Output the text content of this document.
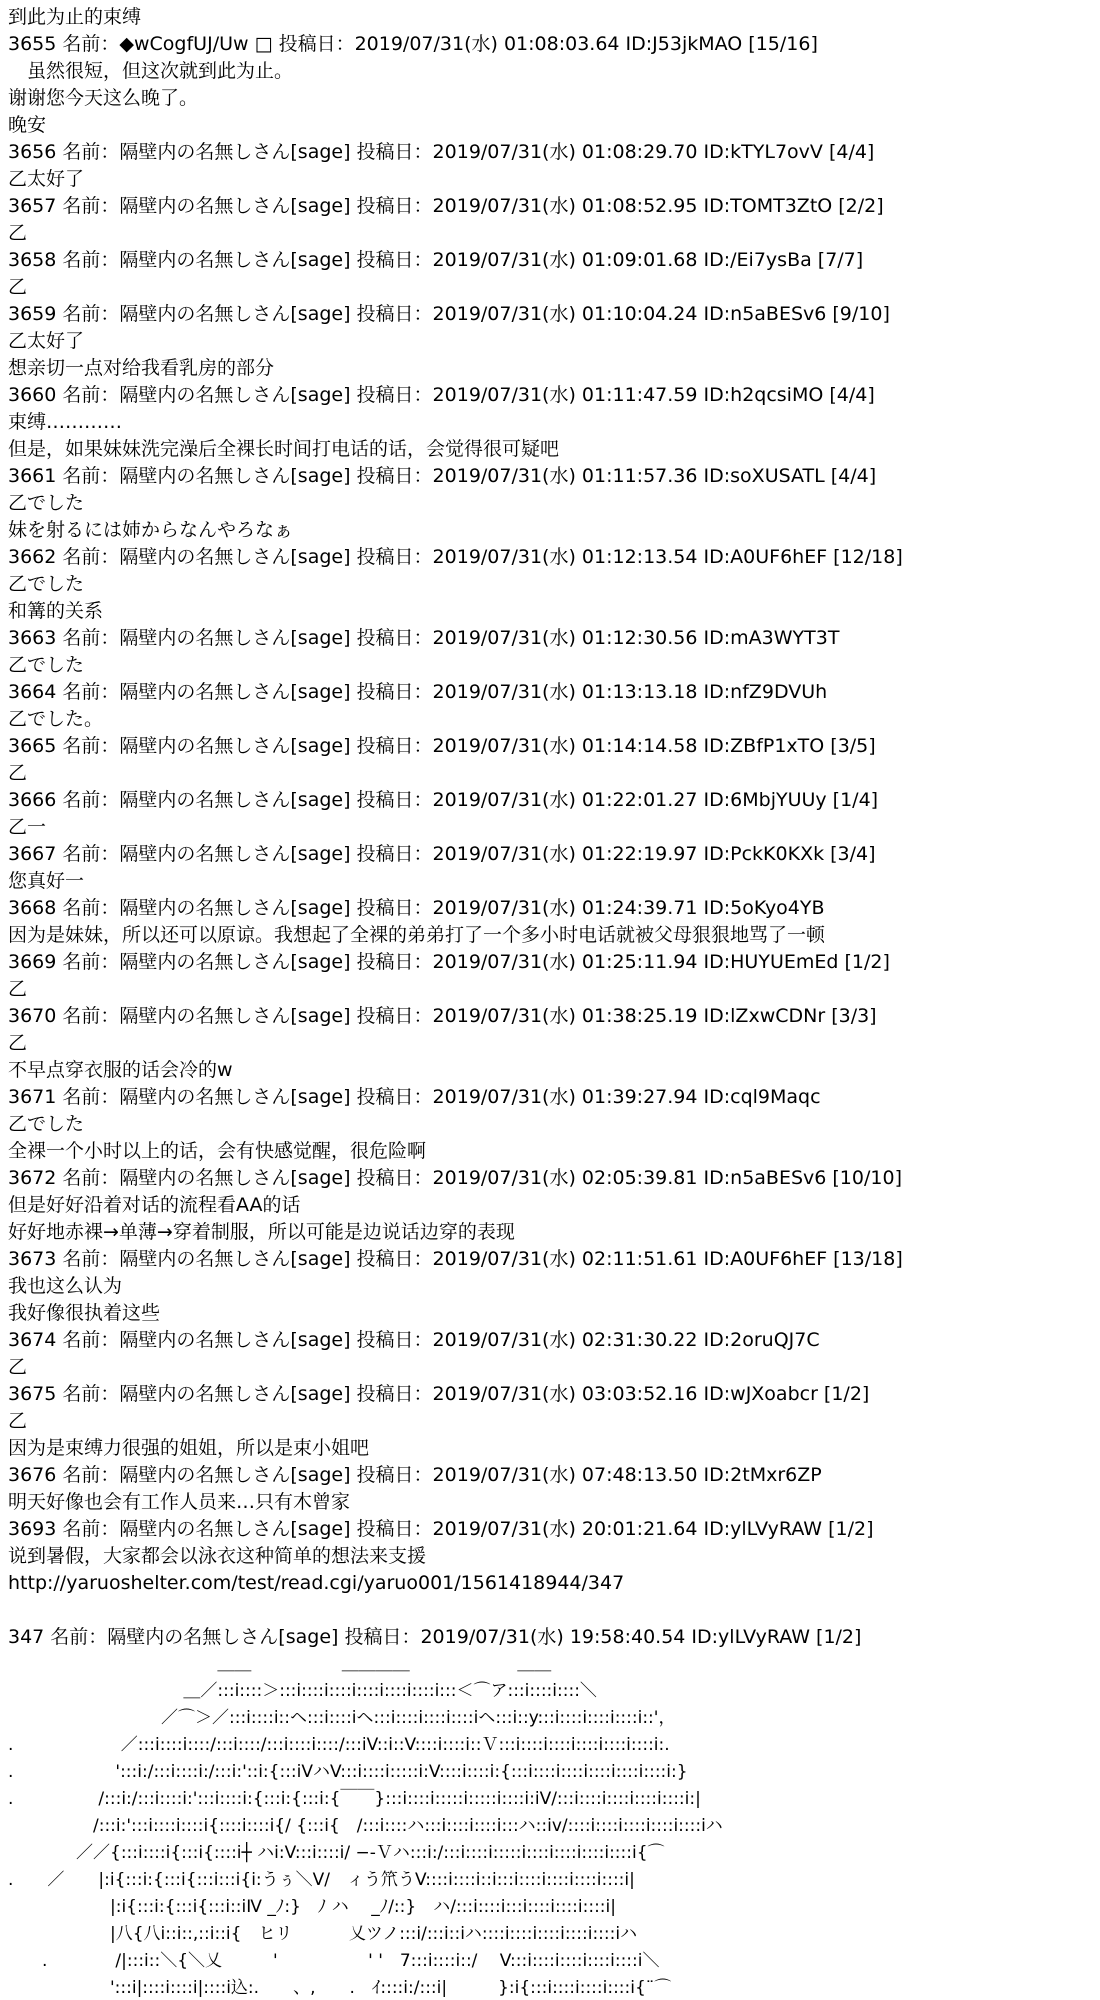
到此为止的束缚
3655 名前：◆wCogfUJ/Uw □ 投稿日：2019/07/31(水) 01:08:03.64 ID:J53jkMAO [15/16]
　虽然很短，但这次就到此为止。
谢谢您今天这么晚了。
晚安
3656 名前：隔壁内の名無しさん[sage] 投稿日：2019/07/31(水) 01:08:29.70 ID:kTYL7ovV [4/4]
乙太好了
3657 名前：隔壁内の名無しさん[sage] 投稿日：2019/07/31(水) 01:08:52.95 ID:TOMT3ZtO [2/2]
乙
3658 名前：隔壁内の名無しさん[sage] 投稿日：2019/07/31(水) 01:09:01.68 ID:/Ei7ysBa [7/7]
乙
3659 名前：隔壁内の名無しさん[sage] 投稿日：2019/07/31(水) 01:10:04.24 ID:n5aBESv6 [9/10]
乙太好了
想亲切一点对给我看乳房的部分
3660 名前：隔壁内の名無しさん[sage] 投稿日：2019/07/31(水) 01:11:47.59 ID:h2qcsiMO [4/4]
束缚…………
但是，如果妹妹洗完澡后全裸长时间打电话的话，会觉得很可疑吧
3661 名前：隔壁内の名無しさん[sage] 投稿日：2019/07/31(水) 01:11:57.36 ID:soXUSATL [4/4]
乙でした
妹を射るには姉からなんやろなぁ
3662 名前：隔壁内の名無しさん[sage] 投稿日：2019/07/31(水) 01:12:13.54 ID:A0UF6hEF [12/18]
乙でした
和篝的关系
3663 名前：隔壁内の名無しさん[sage] 投稿日：2019/07/31(水) 01:12:30.56 ID:mA3WYT3T
乙でした
3664 名前：隔壁内の名無しさん[sage] 投稿日：2019/07/31(水) 01:13:13.18 ID:nfZ9DVUh
乙でした。
3665 名前：隔壁内の名無しさん[sage] 投稿日：2019/07/31(水) 01:14:14.58 ID:ZBfP1xTO [3/5]
乙
3666 名前：隔壁内の名無しさん[sage] 投稿日：2019/07/31(水) 01:22:01.27 ID:6MbjYUUy [1/4]
乙一
3667 名前：隔壁内の名無しさん[sage] 投稿日：2019/07/31(水) 01:22:19.97 ID:PckK0KXk [3/4]
您真好一
3668 名前：隔壁内の名無しさん[sage] 投稿日：2019/07/31(水) 01:24:39.71 ID:5oKyo4YB
因为是妹妹，所以还可以原谅。我想起了全裸的弟弟打了一个多小时电话就被父母狠狠地骂了一顿
3669 名前：隔壁内の名無しさん[sage] 投稿日：2019/07/31(水) 01:25:11.94 ID:HUYUEmEd [1/2]
乙
3670 名前：隔壁内の名無しさん[sage] 投稿日：2019/07/31(水) 01:38:25.19 ID:lZxwCDNr [3/3]
乙
不早点穿衣服的话会冷的w
3671 名前：隔壁内の名無しさん[sage] 投稿日：2019/07/31(水) 01:39:27.94 ID:cql9Maqc
乙でした
全裸一个小时以上的话，会有快感觉醒，很危险啊
3672 名前：隔壁内の名無しさん[sage] 投稿日：2019/07/31(水) 02:05:39.81 ID:n5aBESv6 [10/10]
但是好好沿着对话的流程看AA的话
好好地赤裸→单薄→穿着制服，所以可能是边说话边穿的表现
3673 名前：隔壁内の名無しさん[sage] 投稿日：2019/07/31(水) 02:11:51.61 ID:A0UF6hEF [13/18]
我也这么认为
我好像很执着这些
3674 名前：隔壁内の名無しさん[sage] 投稿日：2019/07/31(水) 02:31:30.22 ID:2oruQJ7C
乙
3675 名前：隔壁内の名無しさん[sage] 投稿日：2019/07/31(水) 03:03:52.16 ID:wJXoabcr [1/2]
乙
因为是束缚力很强的姐姐，所以是束小姐吧
3676 名前：隔壁内の名無しさん[sage] 投稿日：2019/07/31(水) 07:48:13.50 ID:2tMxr6ZP
明天好像也会有工作人员来…只有木曾家
3693 名前：隔壁内の名無しさん[sage] 投稿日：2019/07/31(水) 20:01:21.64 ID:ylLVyRAW [1/2]
说到暑假，大家都会以泳衣这种简单的想法来支援
http://yaruoshelter.com/test/read.cgi/yaruo001/1561418944/347
347 名前：隔壁内の名無しさん[sage] 投稿日：2019/07/31(水) 19:58:40.54 ID:ylLVyRAW [1/2]
　　　　　　　　　　　　 ＿＿　　　　　 ＿＿＿＿　　　　　　 ＿＿
　　　　　　　　　　 ＿／:::i::::＞:::i::::i::::i::::i::::i::::i:::＜⌒ア:::i::::i::::＼
　　　　　　　　　／⌒＞／:::i::::i::ヘ:::i::::iヘ:::i::::i::::i::::iヘ:::i::y:::i::::i::::i::::i::'，
.　　　　　　 ／:::i::::i::::/:::i::::/:::i::::i::::/:::iV::i::V::::i::::i::Ｖ:::i::::i::::i::::i::::i::::i:.
.　　　　　　':::i:/:::i::::i:/:::i:'::i:{:::iVハV:::i::::i:::::i:V::::i::::i:{:::i::::i::::i::::i::::i::::i:}
.　　　　　/:::i:/:::i::::i:':::i::::i:{:::i:{:::i:{￣￣}:::i::::i:::::i:::::i::::i:iV/:::i::::i::::i::::i::::i:|
　　　　　/:::i:':::i::::i::::i{::::i::::i{/ {:::i{　/:::i::::ハ:::i::::i::::i:::ハ::iv/::::i::::i::::i::::i::::iハ
　　　　／／{:::i::::i{:::i{::::i┼ ハi:V:::i::::i/ −-Ｖハ:::i:/:::i::::i:::::i::::i::::i::::i::::i{⌒
.　　／　　|:i{:::i:{:::i{:::i:::i{i:うぅ＼V/　ィう笊うV::::i::::i::i:::i::::i::::i::::i::::i|
　　　　　　|:i{:::i:{:::i{:::i::iⅣ _ﾉ:}　ﾉ ハ　 _ﾉ/::}　ハ/:::i::::i:::i::::i::::i::::i|
　　　　　　|八{八i::i::,::i::i{　ヒリ　　　 乂ツノ:::i/:::i::iハ::::i::::i::::i::::i::::iハ
　　.　　　　/|:::i::＼{＼乂　　　'　　　　　 ' '　7:::i::::i::/　 V:::i::::i::::i::::i::::i＼
　　　　　　':::i|::::i::::i|::::i込:.　　、,　　.　ｲ::::i:/:::i|　　　}:i{:::i::::i::::i::::i{¨⌒
